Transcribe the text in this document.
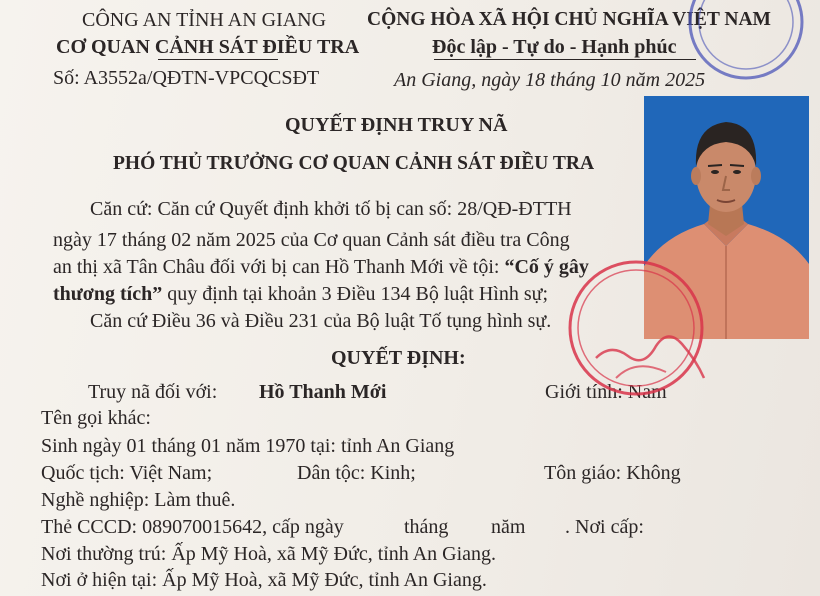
CÔNG AN TỈNH AN GIANG
CƠ QUAN CẢNH SÁT ĐIỀU TRA
Số: A3552a/QĐTN-VPCQCSĐT
CỘNG HÒA XÃ HỘI CHỦ NGHĨA VIỆT NAM
Độc lập - Tự do - Hạnh phúc
An Giang, ngày 18 tháng 10 năm 2025
QUYẾT ĐỊNH TRUY NÃ
PHÓ THỦ TRƯỞNG CƠ QUAN CẢNH SÁT ĐIỀU TRA
Căn cứ: Căn cứ Quyết định khởi tố bị can số: 28/QĐ-ĐTTH
ngày 17 tháng 02 năm 2025 của Cơ quan Cảnh sát điều tra Công
an thị xã Tân Châu đối với bị can Hồ Thanh Mới về tội: “Cố ý gây
thương tích” quy định tại khoản 3 Điều 134 Bộ luật Hình sự;
Căn cứ Điều 36 và Điều 231 của Bộ luật Tố tụng hình sự.
QUYẾT ĐỊNH:
Truy nã đối với: Hồ Thanh Mới	Giới tính: Nam
Tên gọi khác:
Sinh ngày 01 tháng 01 năm 1970 tại: tỉnh An Giang
Quốc tịch: Việt Nam;	Dân tộc: Kinh;	Tôn giáo: Không
Nghề nghiệp: Làm thuê.
Thẻ CCCD: 089070015642, cấp ngày	tháng năm . Nơi cấp:
Nơi thường trú: Ấp Mỹ Hoà, xã Mỹ Đức, tỉnh An Giang.
Nơi ở hiện tại: Ấp Mỹ Hoà, xã Mỹ Đức, tỉnh An Giang.
